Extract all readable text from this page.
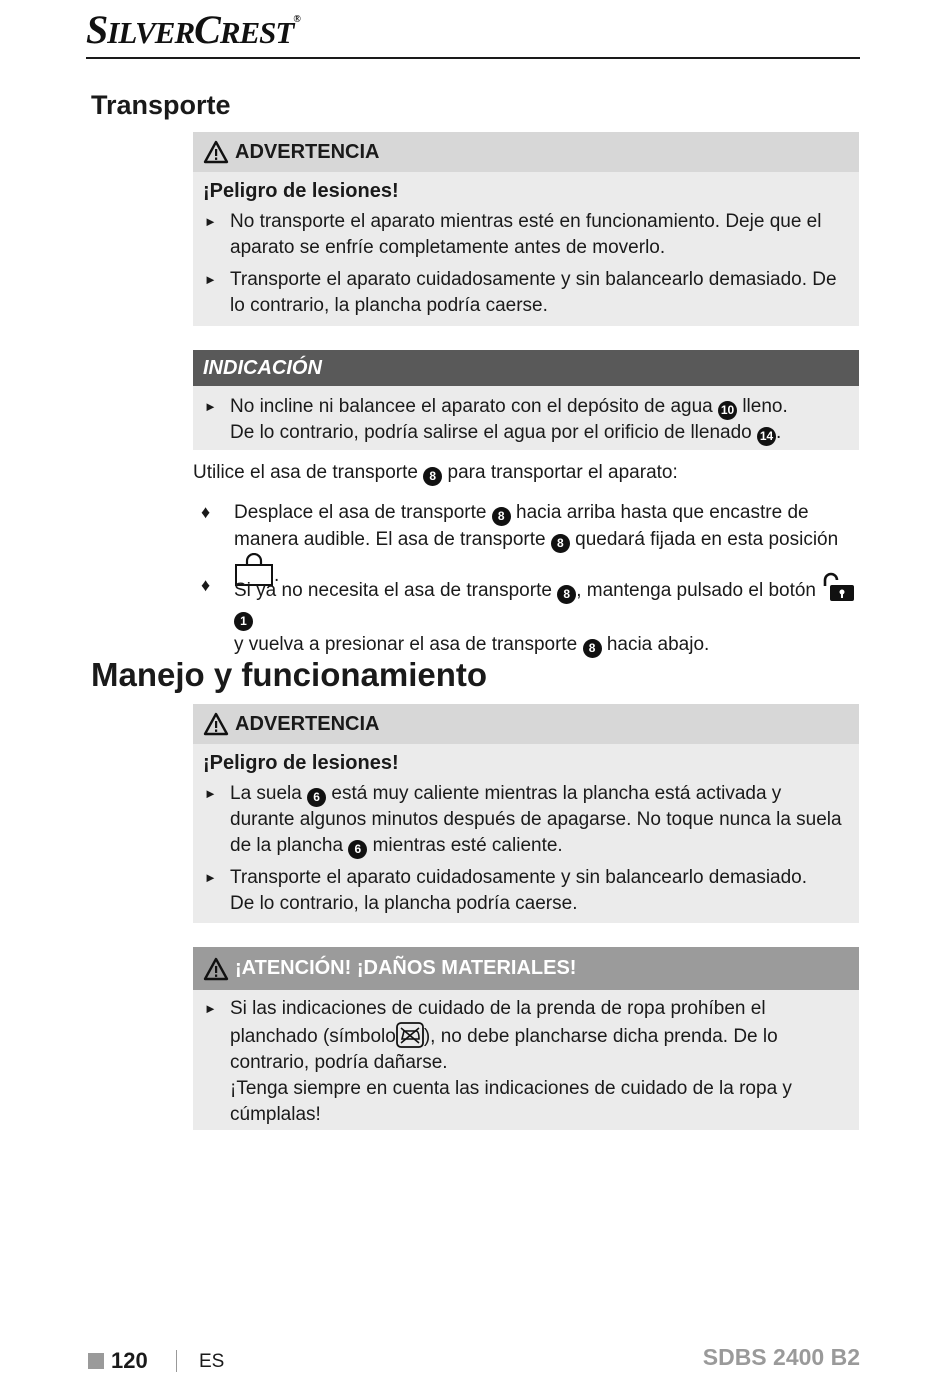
SILVERCREST®
Transporte
ADVERTENCIA
¡Peligro de lesiones!
► No transporte el aparato mientras esté en funcionamiento. Deje que el aparato se enfríe completamente antes de moverlo.
► Transporte el aparato cuidadosamente y sin balancearlo demasiado. De lo contrario, la plancha podría caerse.
INDICACIÓN
► No incline ni balancee el aparato con el depósito de agua 10 lleno.
De lo contrario, podría salirse el agua por el orificio de llenado 14 .
Utilice el asa de transporte 8 para transportar el aparato:
♦ Desplace el asa de transporte 8 hacia arriba hasta que encastre de manera audible. El asa de transporte 8 quedará fijada en esta posición .
♦ Si ya no necesita el asa de transporte 8 , mantenga pulsado el botón  1
y vuelva a presionar el asa de transporte 8 hacia abajo.
Manejo y funcionamiento
ADVERTENCIA
¡Peligro de lesiones!
► La suela 6 está muy caliente mientras la plancha está activada y durante algunos minutos después de apagarse. No toque nunca la suela de la plancha 6 mientras esté caliente.
► Transporte el aparato cuidadosamente y sin balancearlo demasiado.
De lo contrario, la plancha podría caerse.
¡ATENCIÓN! ¡DAÑOS MATERIALES!
► Si las indicaciones de cuidado de la prenda de ropa prohíben el planchado (símbolo ), no debe plancharse dicha prenda. De lo contrario, podría dañarse.
¡Tenga siempre en cuenta las indicaciones de cuidado de la ropa y cúmplalas!
120	ES	SDBS 2400 B2
